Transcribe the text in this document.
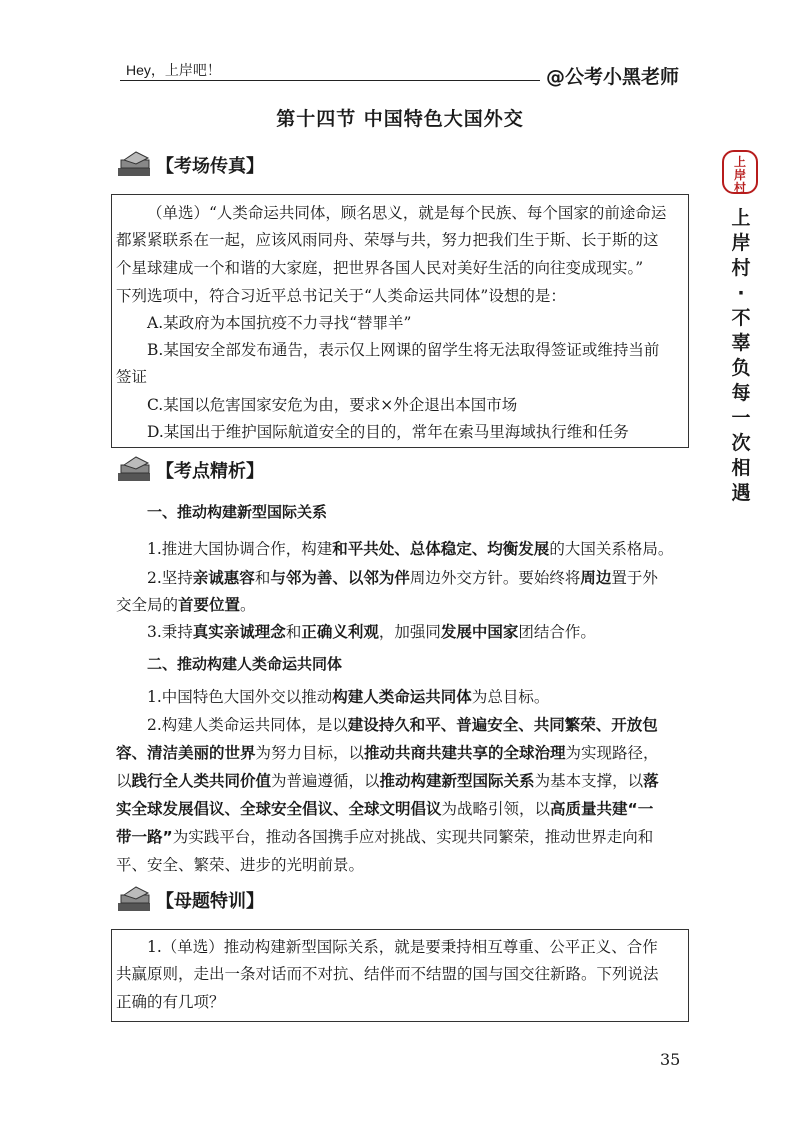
Hey，上岸吧！	@公考小黑老师
第十四节 中国特色大国外交
上岸村
上
岸
村
·
不
辜
负
每
一
次
相
遇
【考场传真】
（单选）“人类命运共同体，顾名思义，就是每个民族、每个国家的前途命运
都紧紧联系在一起，应该风雨同舟、荣辱与共，努力把我们生于斯、长于斯的这
个星球建成一个和谐的大家庭，把世界各国人民对美好生活的向往变成现实。”
下列选项中，符合习近平总书记关于“人类命运共同体”设想的是：
A.某政府为本国抗疫不力寻找“替罪羊”
B.某国安全部发布通告，表示仅上网课的留学生将无法取得签证或维持当前
签证
C.某国以危害国家安危为由，要求×外企退出本国市场
D.某国出于维护国际航道安全的目的，常年在索马里海域执行维和任务
【考点精析】
一、推动构建新型国际关系
1.推进大国协调合作，构建和平共处、总体稳定、均衡发展的大国关系格局。
2.坚持亲诚惠容和与邻为善、以邻为伴周边外交方针。要始终将周边置于外
交全局的首要位置。
3.秉持真实亲诚理念和正确义利观，加强同发展中国家团结合作。
二、推动构建人类命运共同体
1.中国特色大国外交以推动构建人类命运共同体为总目标。
2.构建人类命运共同体，是以建设持久和平、普遍安全、共同繁荣、开放包
容、清洁美丽的世界为努力目标，以推动共商共建共享的全球治理为实现路径，
以践行全人类共同价值为普遍遵循，以推动构建新型国际关系为基本支撑，以落
实全球发展倡议、全球安全倡议、全球文明倡议为战略引领，以高质量共建“一
带一路”为实践平台，推动各国携手应对挑战、实现共同繁荣，推动世界走向和
平、安全、繁荣、进步的光明前景。
【母题特训】
1.（单选）推动构建新型国际关系，就是要秉持相互尊重、公平正义、合作
共赢原则，走出一条对话而不对抗、结伴而不结盟的国与国交往新路。下列说法
正确的有几项？
35
